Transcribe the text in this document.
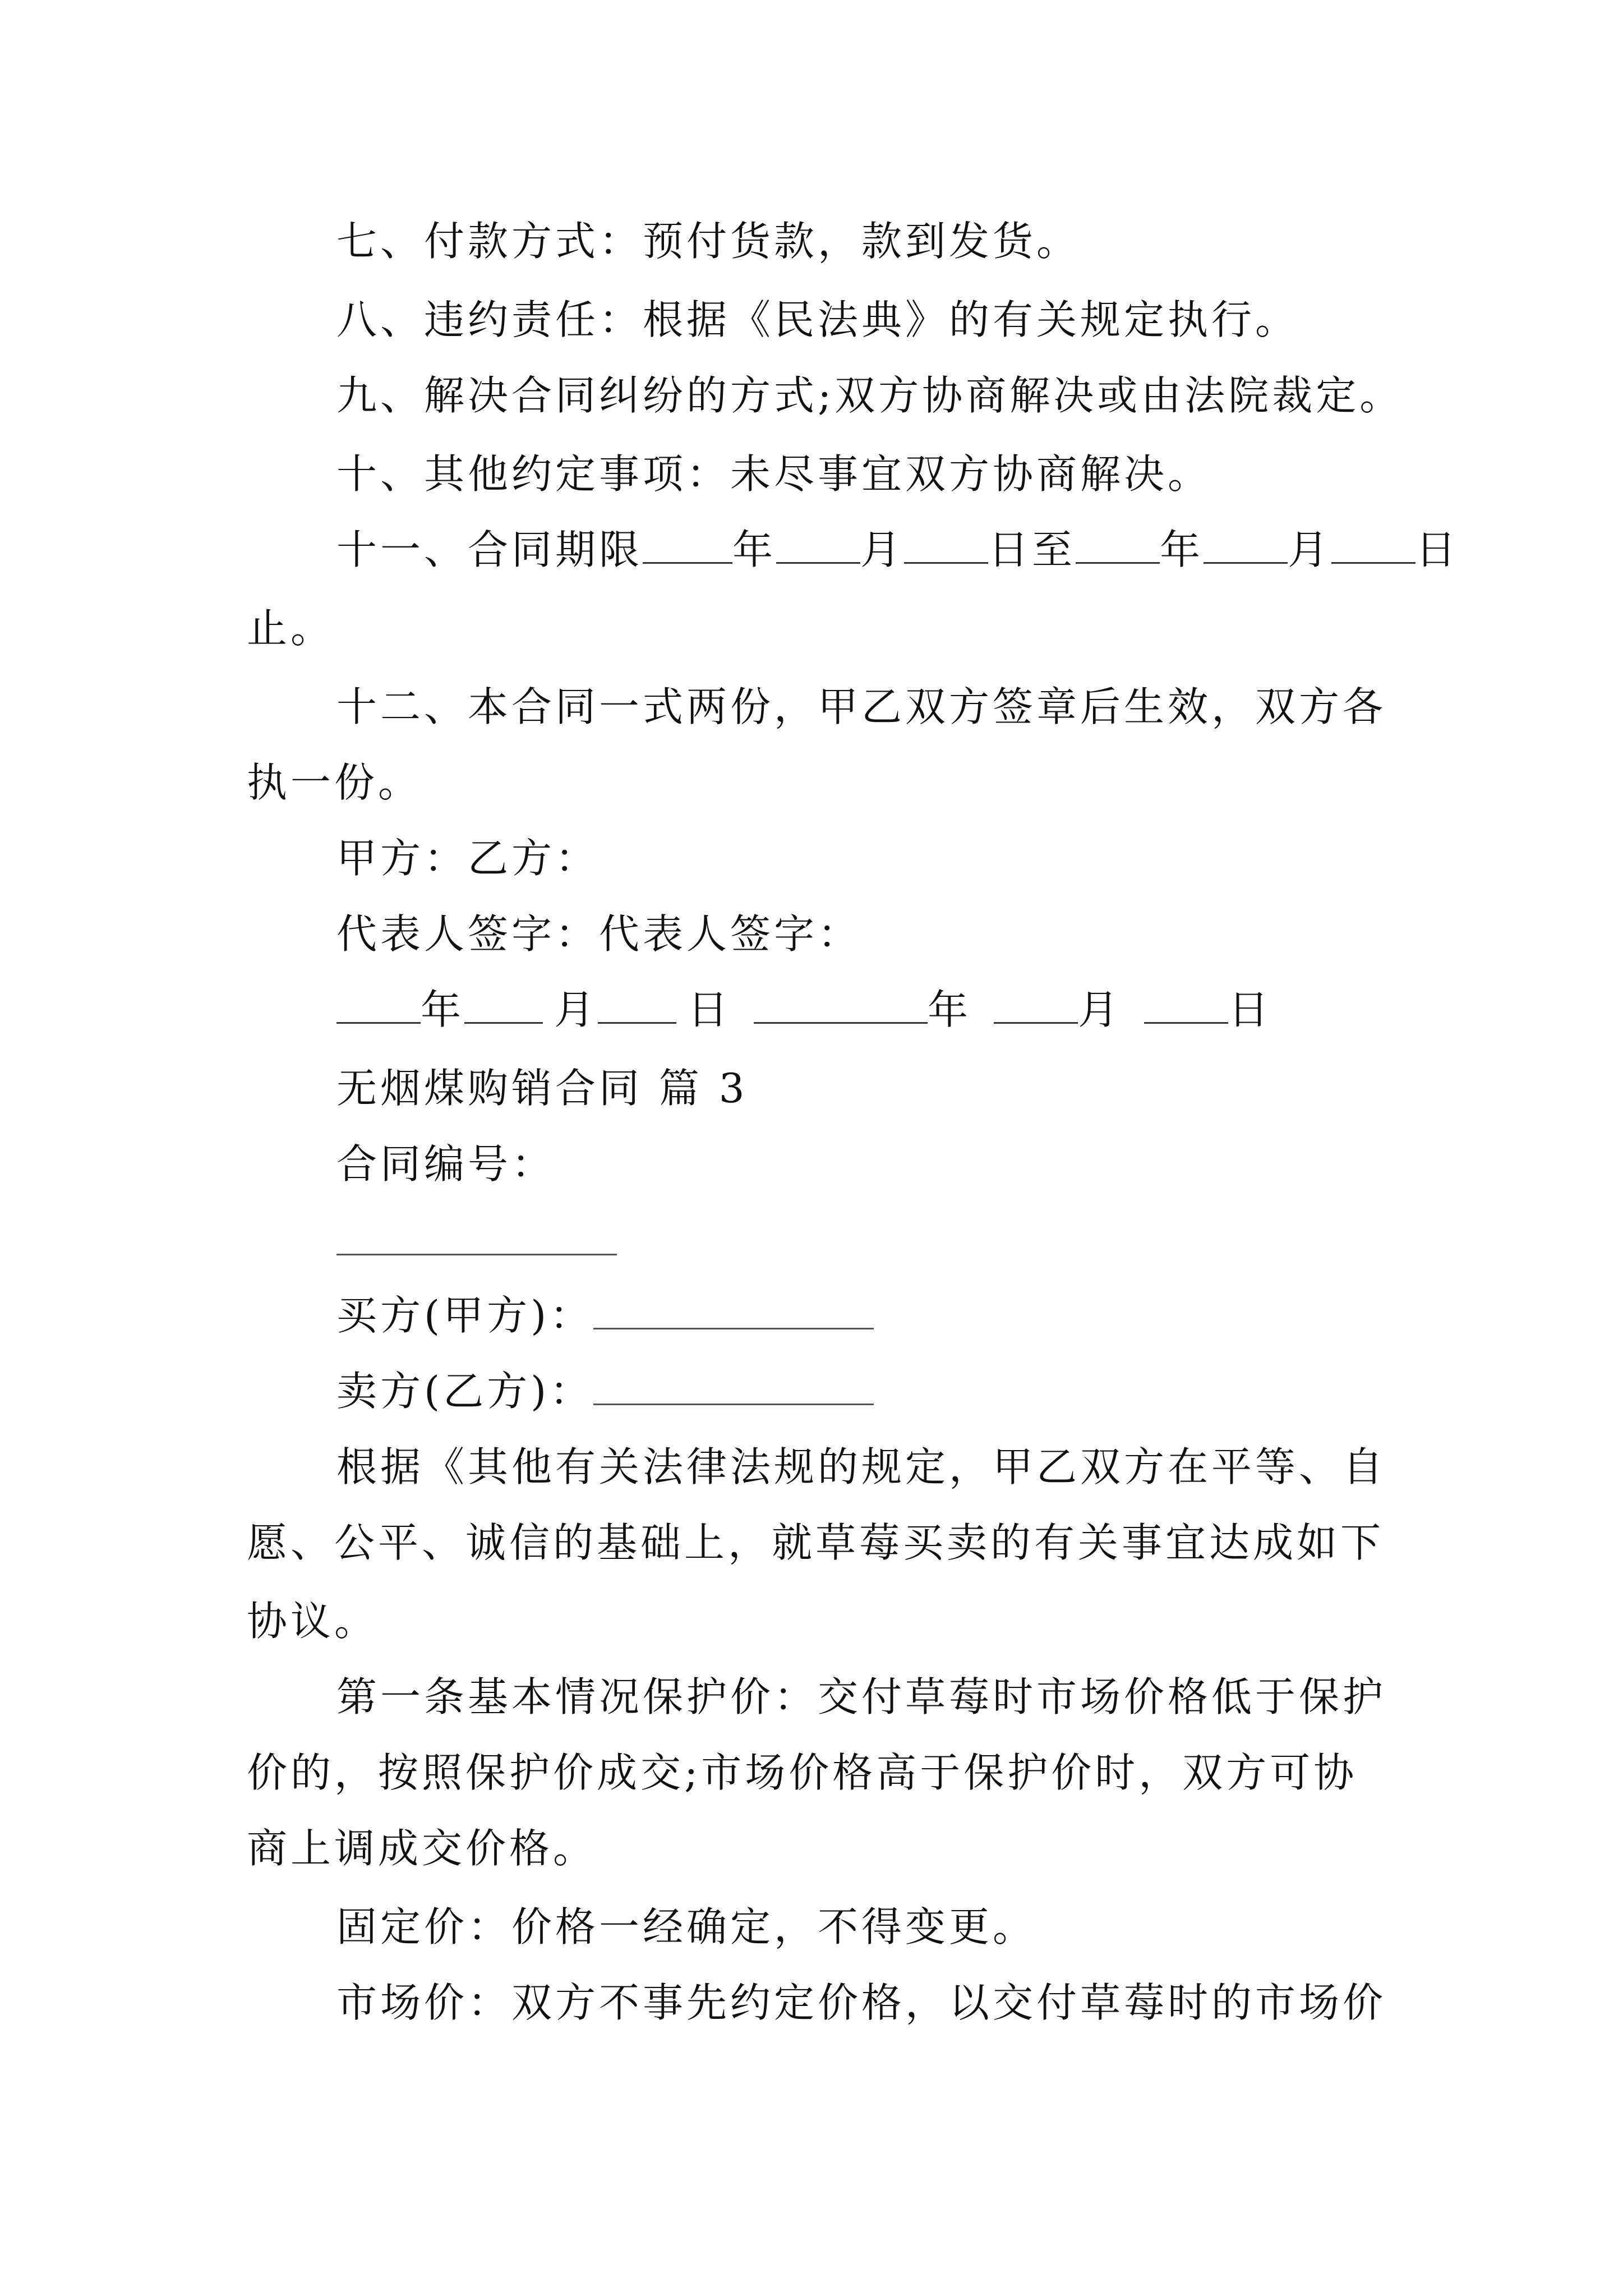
七、付款方式：预付货款，款到发货。
八、违约责任：根据《民法典》的有关规定执行。
九、解决合同纠纷的方式;双方协商解决或由法院裁定。
十、其他约定事项：未尽事宜双方协商解决。
十一、合同期限 年 月 日至 年 月 日
止。
十二、本合同一式两份，甲乙双方签章后生效，双方各
执一份。
甲方：乙方：
代表人签字：代表人签字：
年 月 日	年	月	日
无烟煤购销合同 篇 3
合同编号：
买方(甲方)：
卖方(乙方)：
根据《其他有关法律法规的规定，甲乙双方在平等、自
愿、公平、诚信的基础上，就草莓买卖的有关事宜达成如下
协议。
第一条基本情况保护价：交付草莓时市场价格低于保护
价的，按照保护价成交;市场价格高于保护价时，双方可协
商上调成交价格。
固定价：价格一经确定，不得变更。
市场价：双方不事先约定价格，以交付草莓时的市场价
